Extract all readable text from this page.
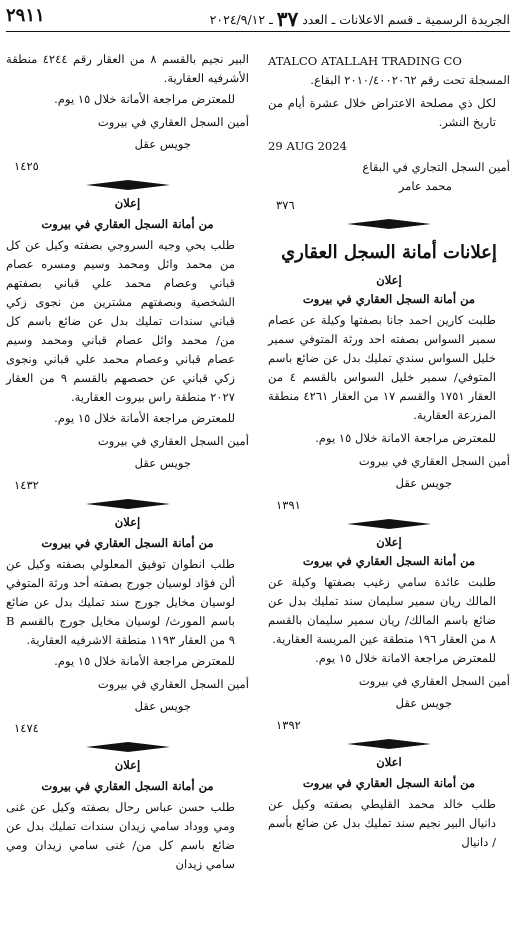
الجريدة الرسمية ـ قسم الاعلانات ـ العدد ٣٧ ـ ٢٠٢٤/٩/١٢
٢٩١١

ATALCO ATALLAH TRADING CO

المسجلة تحت رقم ٢٠١٠/٤٠٠٢٠٦٢ البقاع.

لكل ذي مصلحة الاعتراض خلال عشرة أيام من تاريخ النشر.

29 AUG 2024

أمين السجل التجاري في البقاع

محمد عامر

٣٧٦

إعلانات أمانة السجل العقاري

إعلان

من أمانة السجل العقاري في بيروت

طلبت كارين احمد جانا بصفتها وكيلة عن عصام سمير السواس بصفته احد ورثة المتوفي سمير خليل السواس سندي تمليك بدل عن ضائع باسم المتوفي/ سمير خليل السواس بالقسم ٤ من العقار ١٧٥١ والقسم ١٧ من العقار ٤٢٦١ منطقة المزرعة العقارية.

للمعترض مراجعة الامانة خلال ١٥ يوم.

أمين السجل العقاري في بيروت

جويس عقل

١٣٩١

إعلان

من أمانة السجل العقاري في بيروت

طلبت عائدة سامي زغيب بصفتها وكيلة عن المالك ريان سمير سليمان سند تمليك بدل عن ضائع باسم المالك/ ريان سمير سليمان بالقسم ٨ من العقار ١٩٦ منطقة عين المريسة العقارية.

للمعترض مراجعة الامانة خلال ١٥ يوم.

أمين السجل العقاري في بيروت

جويس عقل

١٣٩٢

اعلان

من أمانة السجل العقاري في بيروت

طلب خالد محمد القليطي بصفته وكيل عن دانيال البير نجيم سند تمليك بدل عن ضائع بأسم / دانيال

البير نجيم بالقسم ٨ من العقار رقم ٤٢٤٤ منطقة الأشرفيه العقارية.

للمعترض مراجعة الأمانة خلال ١٥ يوم.

أمين السجل العقاري في بيروت

جويس عقل

١٤٢٥

إعلان

من أمانة السجل العقاري في بيروت

طلب يحي وجيه السروجي بصفته وكيل عن كل من محمد وائل ومحمد وسيم ومسره عصام قباني وعصام محمد علي قباني بصفتهم الشخصية وبصفتهم مشترين من نجوى زكي قباني سندات تمليك بدل عن ضائع باسم كل من/ محمد وائل عصام قباني ومحمد وسيم عصام قباني وعصام محمد علي قباني ونجوى زكي قباني عن حصصهم بالقسم ٩ من العقار ٢٠٢٧ منطقة راس بيروت العقارية.

للمعترض مراجعة الأمانة خلال ١٥ يوم.

أمين السجل العقاري في بيروت

جويس عقل

١٤٣٢

إعلان

من أمانة السجل العقاري في بيروت

طلب انطوان توفيق المعلولي بصفته وكيل عن ألن فؤاد لوسيان جورج بصفته أحد ورثة المتوفي لوسيان مخايل جورج سند تمليك بدل عن ضائع باسم المورث/ لوسيان مخايل جورج بالقسم B ٩ من العقار ١١٩٣ منطقة الاشرفيه العقارية.

للمعترض مراجعة الأمانة خلال ١٥ يوم.

أمين السجل العقاري في بيروت

جويس عقل

١٤٧٤

إعلان

من أمانة السجل العقاري في بيروت

طلب حسن عباس رحال بصفته وكيل عن غنى ومي ووداد سامي زيدان سندات تمليك بدل عن ضائع باسم كل من/ غنى سامي زيدان ومي سامي زيدان
